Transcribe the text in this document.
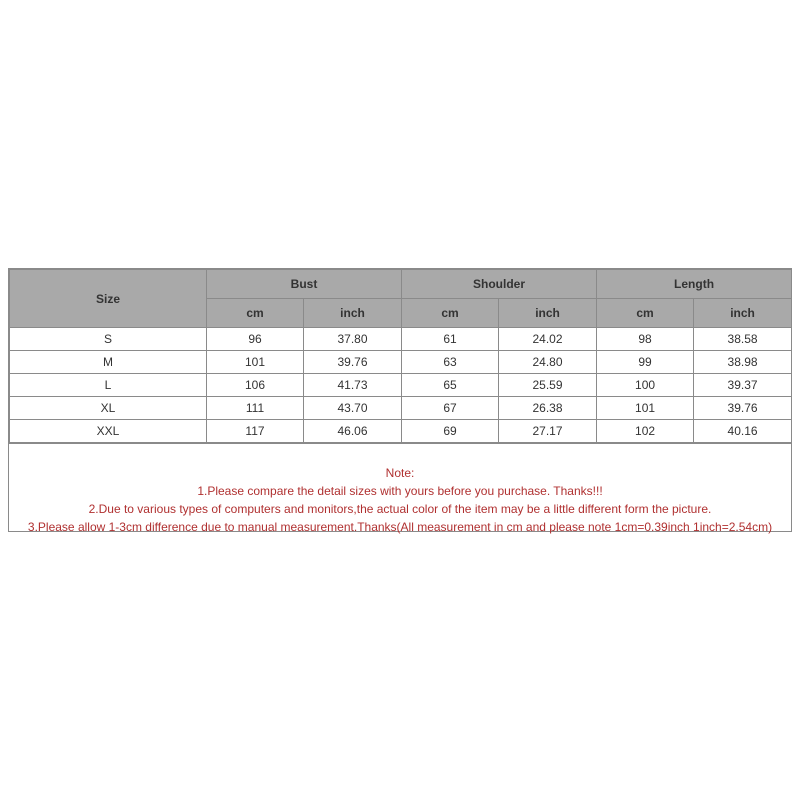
Size	Bust		Shoulder		Length	
	cm	inch	cm	inch	cm	inch
S	96	37.80	61	24.02	98	38.58
M	101	39.76	63	24.80	99	38.98
L	106	41.73	65	25.59	100	39.37
XL	111	43.70	67	26.38	101	39.76
XXL	117	46.06	69	27.17	102	40.16
Note:
1.Please compare the detail sizes with yours before you purchase. Thanks!!!
2.Due to various types of computers and monitors,the actual color of the item may be a little different form the picture.
3.Please allow 1-3cm difference due to manual measurement.Thanks(All measurement in cm and please note 1cm=0.39inch 1inch=2.54cm)
